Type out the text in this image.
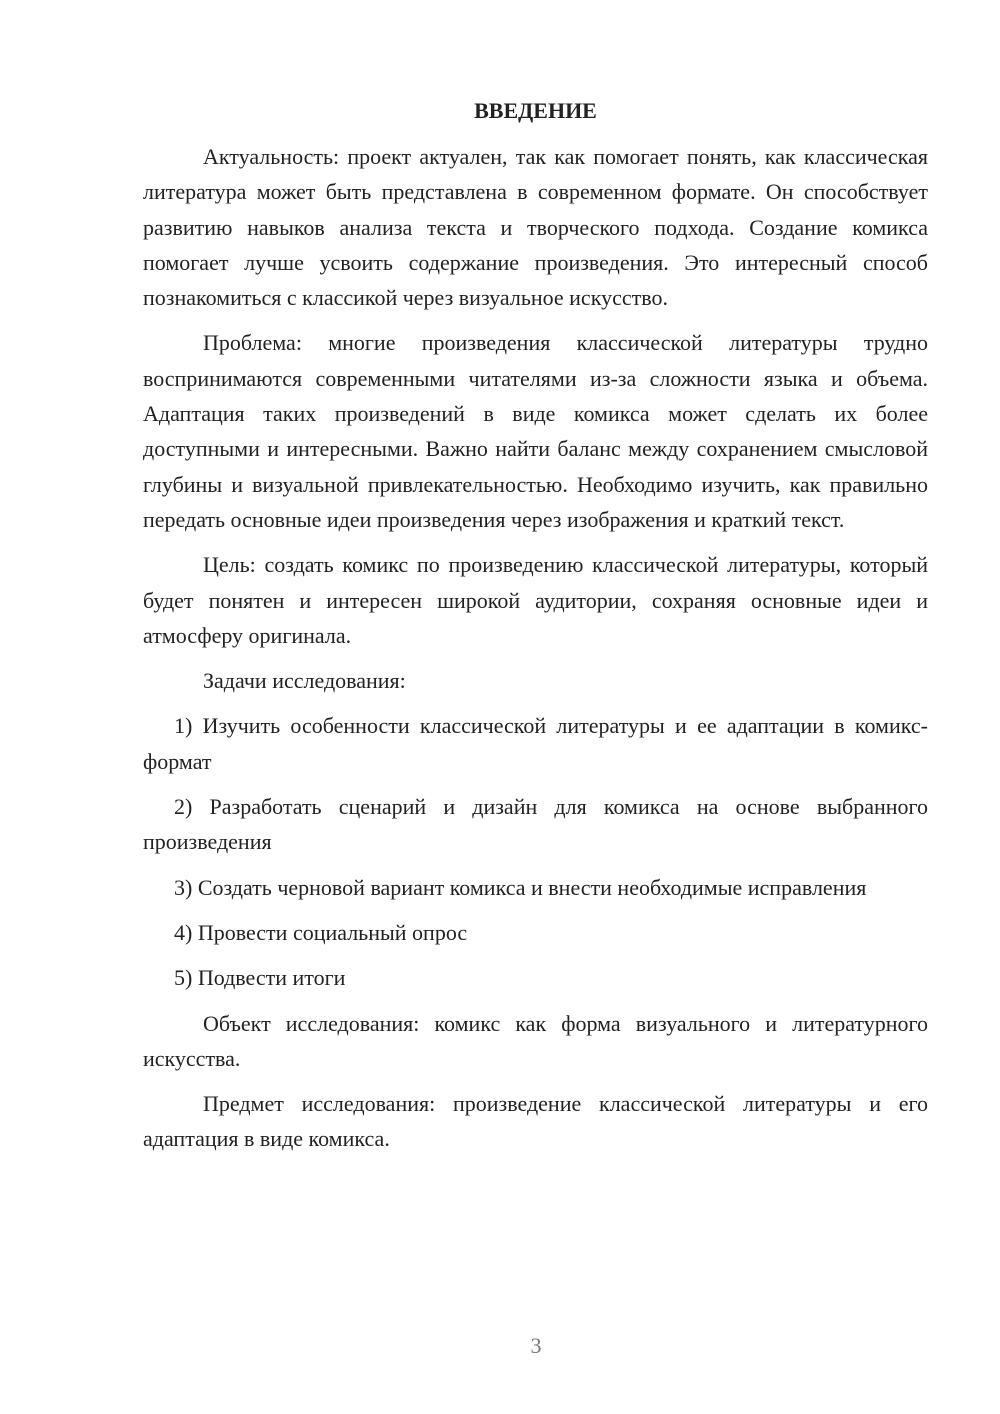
ВВЕДЕНИЕ

Актуальность: проект актуален, так как помогает понять, как классическая литература может быть представлена в современном формате. Он способствует развитию навыков анализа текста и творческого подхода. Создание комикса помогает лучше усвоить содержание произведения. Это интересный способ познакомиться с классикой через визуальное искусство.

Проблема: многие произведения классической литературы трудно воспринимаются современными читателями из-за сложности языка и объема. Адаптация таких произведений в виде комикса может сделать их более доступными и интересными. Важно найти баланс между сохранением смысловой глубины и визуальной привлекательностью. Необходимо изучить, как правильно передать основные идеи произведения через изображения и краткий текст.

Цель: создать комикс по произведению классической литературы, который будет понятен и интересен широкой аудитории, сохраняя основные идеи и атмосферу оригинала.

Задачи исследования:

1) Изучить особенности классической литературы и ее адаптации в комикс-формат

2) Разработать сценарий и дизайн для комикса на основе выбранного произведения

3) Создать черновой вариант комикса и внести необходимые исправления

4) Провести социальный опрос

5) Подвести итоги

Объект исследования: комикс как форма визуального и литературного искусства.

Предмет исследования: произведение классической литературы и его адаптация в виде комикса.

3
